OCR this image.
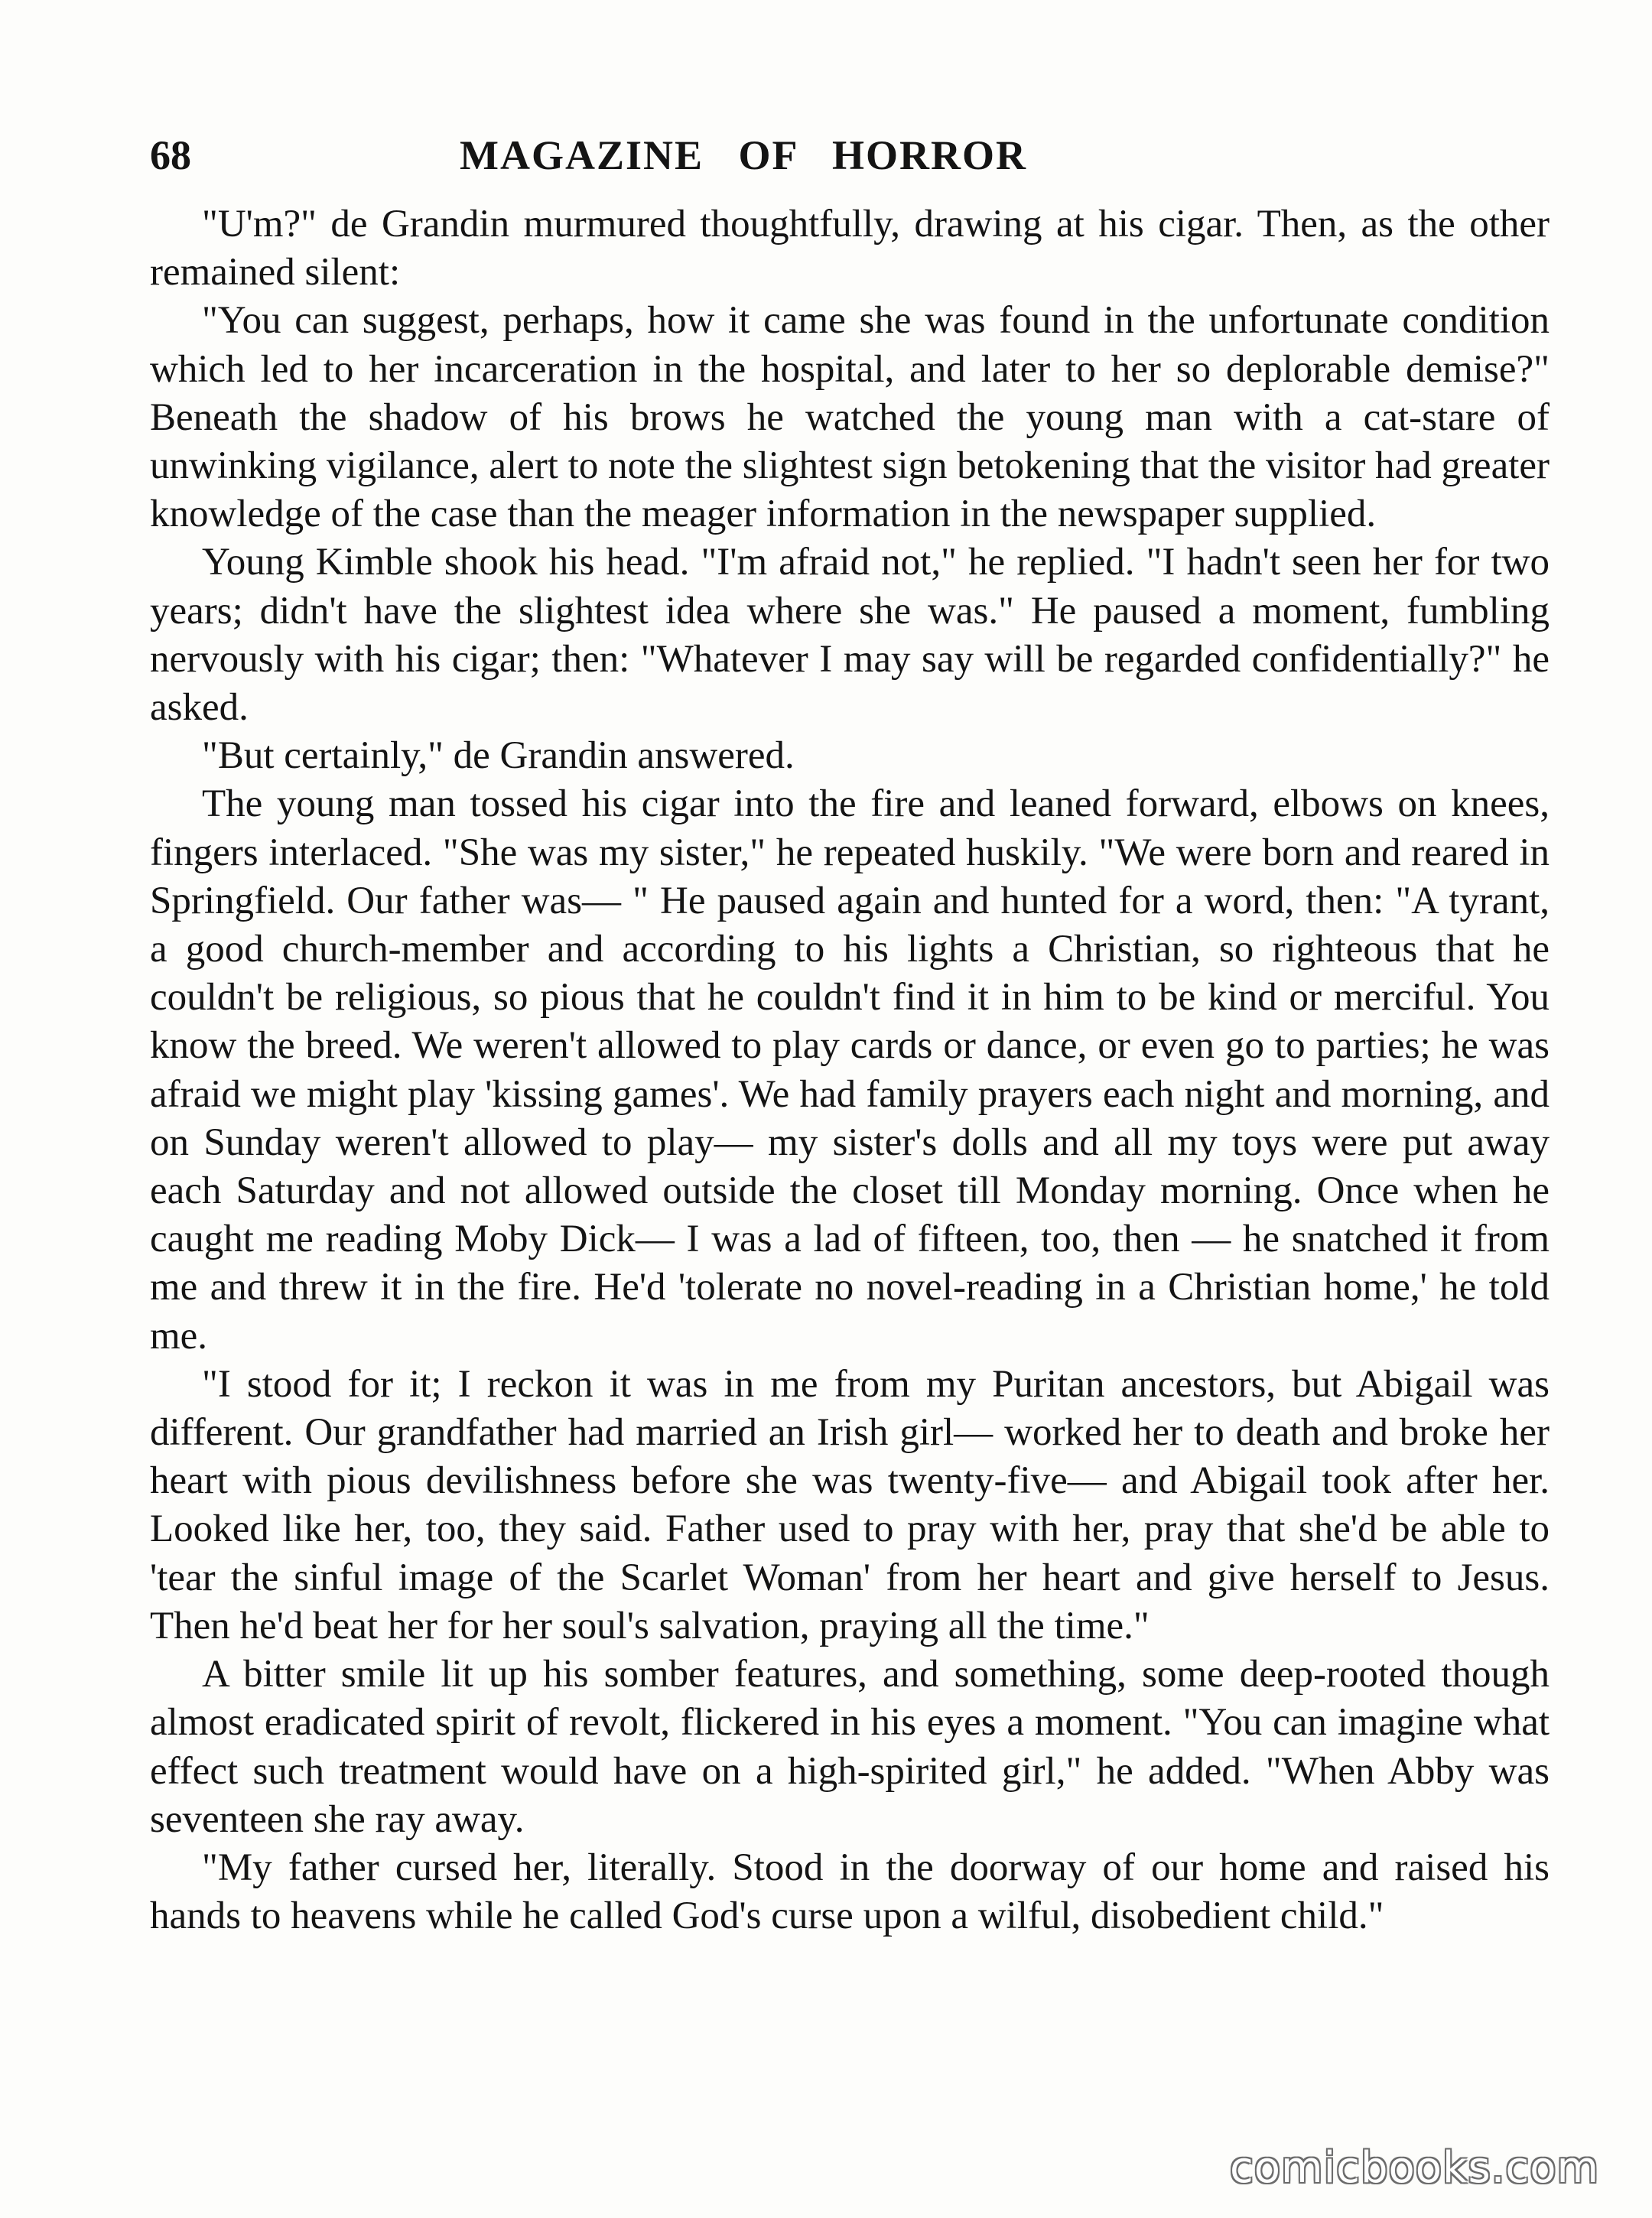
68	MAGAZINE OF HORROR

"U'm?" de Grandin murmured thoughtfully, drawing at his cigar. Then, as the other remained silent:

"You can suggest, perhaps, how it came she was found in the unfortunate condition which led to her incarceration in the hospital, and later to her so deplorable demise?" Beneath the shadow of his brows he watched the young man with a cat-stare of unwinking vigilance, alert to note the slightest sign betokening that the visitor had greater knowledge of the case than the meager information in the newspaper supplied.

Young Kimble shook his head. "I'm afraid not," he replied. "I hadn't seen her for two years; didn't have the slightest idea where she was." He paused a moment, fumbling nervously with his cigar; then: "Whatever I may say will be regarded confidentially?" he asked.

"But certainly," de Grandin answered.

The young man tossed his cigar into the fire and leaned forward, elbows on knees, fingers interlaced. "She was my sister," he repeated huskily. "We were born and reared in Springfield. Our father was— " He paused again and hunted for a word, then: "A tyrant, a good church-member and according to his lights a Christian, so righteous that he couldn't be religious, so pious that he couldn't find it in him to be kind or merciful. You know the breed. We weren't allowed to play cards or dance, or even go to parties; he was afraid we might play 'kissing games'. We had family prayers each night and morning, and on Sunday weren't allowed to play— my sister's dolls and all my toys were put away each Saturday and not allowed outside the closet till Monday morning. Once when he caught me reading Moby Dick— I was a lad of fifteen, too, then — he snatched it from me and threw it in the fire. He'd 'tolerate no novel-reading in a Christian home,' he told me.

"I stood for it; I reckon it was in me from my Puritan ancestors, but Abigail was different. Our grandfather had married an Irish girl— worked her to death and broke her heart with pious devilishness before she was twenty-five— and Abigail took after her. Looked like her, too, they said. Father used to pray with her, pray that she'd be able to 'tear the sinful image of the Scarlet Woman' from her heart and give herself to Jesus. Then he'd beat her for her soul's salvation, praying all the time."

A bitter smile lit up his somber features, and something, some deep-rooted though almost eradicated spirit of revolt, flickered in his eyes a moment. "You can imagine what effect such treatment would have on a high-spirited girl," he added. "When Abby was seventeen she ray away.

"My father cursed her, literally. Stood in the doorway of our home and raised his hands to heavens while he called God's curse upon a wilful, disobedient child."

comicbooks.com
